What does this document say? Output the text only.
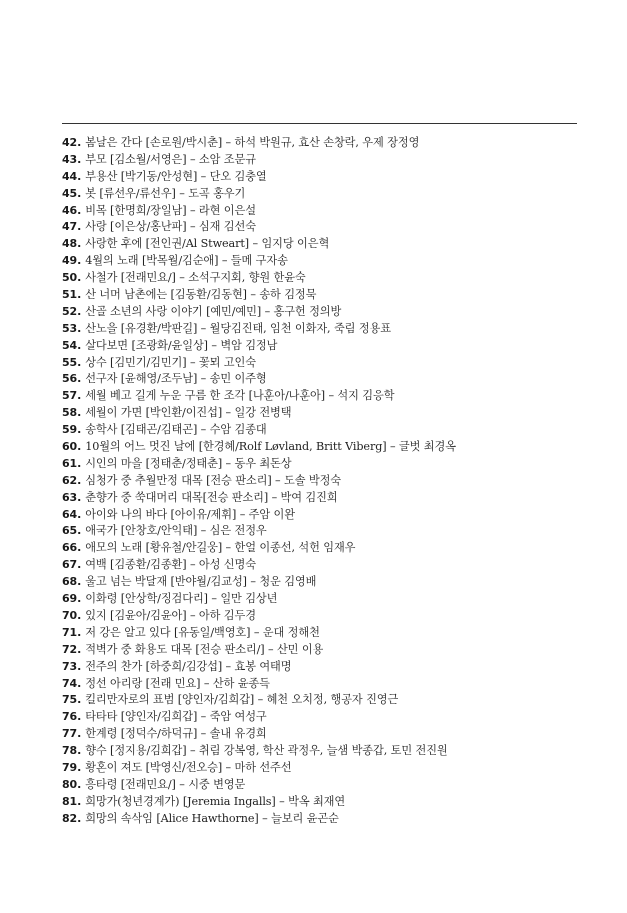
42. 봄날은 간다 [손로원/박시춘] – 하석 박원규, 효산 손창락, 우제 장정영
43. 부모 [김소월/서영은] – 소암 조문규
44. 부용산 [박기동/안성현] – 단오 김충열
45. 봇 [류선우/류선우] – 도곡 홍우기
46. 비목 [한명희/장일남] – 라현 이은설
47. 사랑 [이은상/홍난파] – 심재 김선숙
48. 사랑한 후에 [전인권/Al Stweart] – 임지당 이은혁
49. 4월의 노래 [박목월/김순애] – 들메 구자송
50. 사철가 [전래민요/] – 소석구지회, 향원 한윤숙
51. 산 너머 남촌에는 [김동환/김동현] – 송하 김정묵
52. 산골 소년의 사랑 이야기 [예민/예민] – 홍구헌 정의방
53. 산노을 [유경환/박판길] – 월당김진태, 임천 이화자, 죽림 정용표
54. 살다보면 [조광화/윤일상] – 벽암 김정남
55. 상수 [김민기/김민기] – 꽃뫼 고인숙
56. 선구자 [윤해영/조두남] – 송민 이주형
57. 세월 베고 길게 누운 구름 한 조각 [나훈아/나훈아] – 석지 김응학
58. 세월이 가면 [박인환/이진섭] – 일강 전병택
59. 송학사 [김태곤/김태곤] – 수암 김종대
60. 10월의 어느 멋진 날에 [한경혜/Rolf Løvland, Britt Viberg] – 글벗 최경옥
61. 시인의 마을 [정태춘/정태춘] – 동우 최돈상
62. 심청가 중 추월만정 대목 [전승 판소리] – 도솔 박정숙
63. 춘향가 중 쑥대머리 대목[전승 판소리] – 박여 김진희
64. 아이와 나의 바다 [아이유/제휘] – 주암 이완
65. 애국가 [안창호/안익태] – 심은 전정우
66. 애모의 노래 [황유철/안길웅] – 한얼 이종선, 석헌 임재우
67. 여백 [김종환/김종환] – 아성 신명숙
68. 울고 넘는 박달재 [반야월/김교성] – 청운 김영배
69. 이화령 [안상학/징검다리] – 일만 김상년
70. 있지 [김윤아/김윤아] – 아하 김두경
71. 저 강은 알고 있다 [유동일/백영호] – 운대 정해천
72. 적벽가 중 화용도 대목 [전승 판소리/] – 산민 이용
73. 전주의 찬가 [하중희/김강섭] – 효봉 여태명
74. 정선 아리랑 [전래 민요] – 산하 윤종득
75. 킬리만자로의 표범 [양인자/김희갑] – 혜천 오치정, 행공자 진영근
76. 타타타 [양인자/김희갑] – 죽암 여성구
77. 한계령 [정덕수/하덕규] – 솔내 유경희
78. 향수 [정지용/김희갑] – 취림 강복영, 학산 곽정우, 늘샘 박종갑, 토민 전진원
79. 황혼이 져도 [박영신/전오승] – 마하 선주선
80. 흥타령 [전래민요/] – 시중 변영문
81. 희망가(청년경계가) [Jeremia Ingalls] – 박옥 최재연
82. 희망의 속삭임 [Alice Hawthorne] – 늘보리 윤곤순
